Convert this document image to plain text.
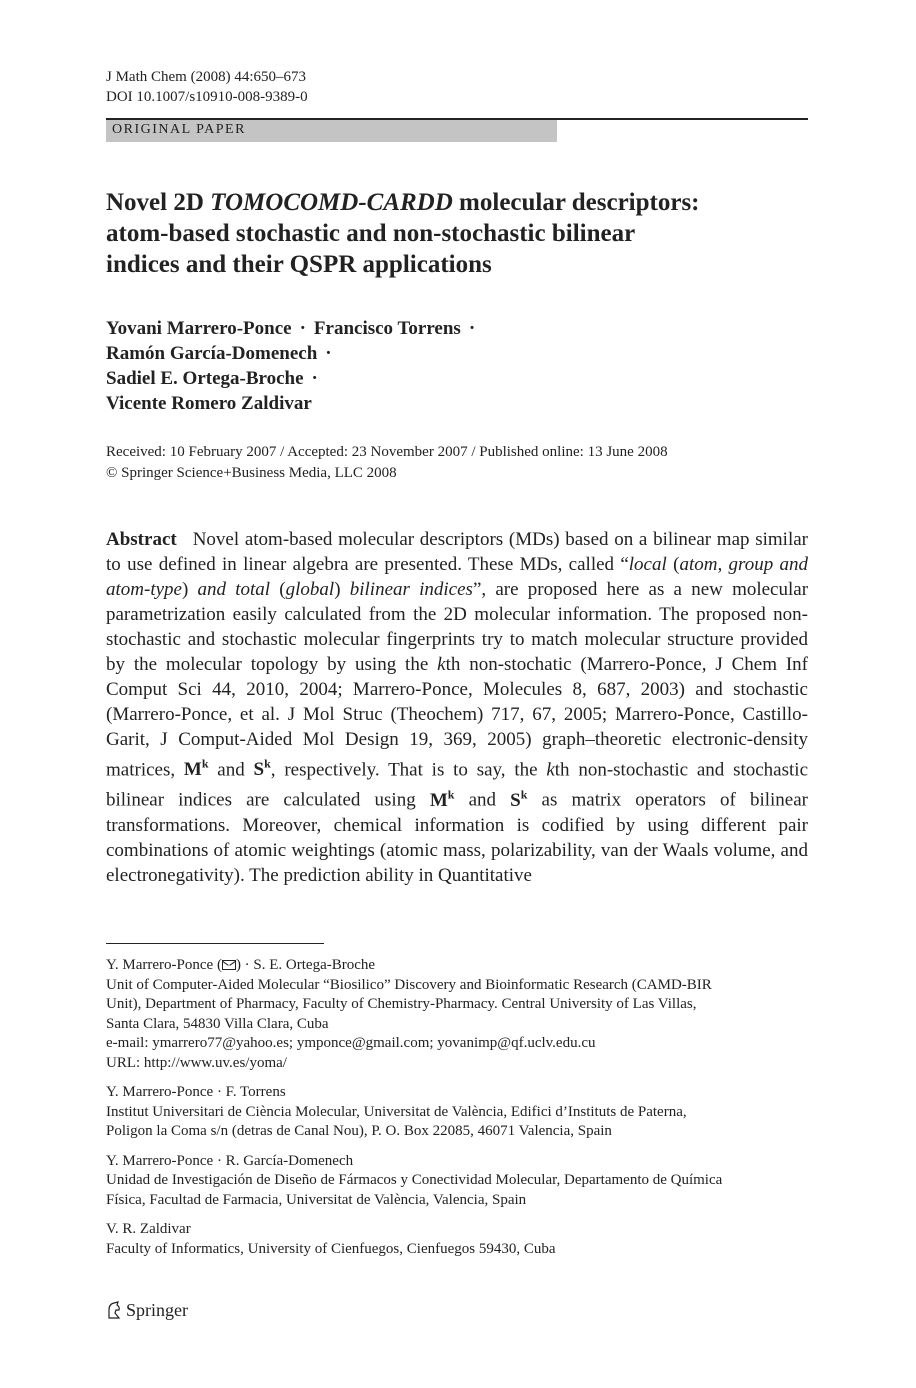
J Math Chem (2008) 44:650–673
DOI 10.1007/s10910-008-9389-0
ORIGINAL PAPER
Novel 2D TOMOCOMD-CARDD molecular descriptors:
atom-based stochastic and non-stochastic bilinear
indices and their QSPR applications
Yovani Marrero-Ponce · Francisco Torrens ·
Ramón García-Domenech ·
Sadiel E. Ortega-Broche ·
Vicente Romero Zaldivar
Received: 10 February 2007 / Accepted: 23 November 2007 / Published online: 13 June 2008
© Springer Science+Business Media, LLC 2008
Abstract Novel atom-based molecular descriptors (MDs) based on a bilinear map similar to use defined in linear algebra are presented. These MDs, called “local (atom, group and atom-type) and total (global) bilinear indices”, are proposed here as a new molecular parametrization easily calculated from the 2D molecular information. The proposed non-stochastic and stochastic molecular fingerprints try to match molecular structure provided by the molecular topology by using the kth non-stochatic (Marrero-Ponce, J Chem Inf Comput Sci 44, 2010, 2004; Marrero-Ponce, Molecules 8, 687, 2003) and stochastic (Marrero-Ponce, et al. J Mol Struc (Theochem) 717, 67, 2005; Marrero-Ponce, Castillo-Garit, J Comput-Aided Mol Design 19, 369, 2005) graph–theoretic electronic-density matrices, $M^k$ and $S^k$, respectively. That is to say, the kth non-stochastic and stochastic bilinear indices are calculated using $M^k$ and $S^k$ as matrix operators of bilinear transformations. Moreover, chemical information is codified by using different pair combinations of atomic weightings (atomic mass, polarizability, van der Waals volume, and electronegativity). The prediction ability in Quantitative
Y. Marrero-Ponce ( ) · S. E. Ortega-Broche
Unit of Computer-Aided Molecular “Biosilico” Discovery and Bioinformatic Research (CAMD-BIR
Unit), Department of Pharmacy, Faculty of Chemistry-Pharmacy. Central University of Las Villas,
Santa Clara, 54830 Villa Clara, Cuba
e-mail: ymarrero77@yahoo.es; ymponce@gmail.com; yovanimp@qf.uclv.edu.cu
URL: http://www.uv.es/yoma/
Y. Marrero-Ponce · F. Torrens
Institut Universitari de Ciència Molecular, Universitat de València, Edifici d’Instituts de Paterna,
Poligon la Coma s/n (detras de Canal Nou), P. O. Box 22085, 46071 Valencia, Spain
Y. Marrero-Ponce · R. García-Domenech
Unidad de Investigación de Diseño de Fármacos y Conectividad Molecular, Departamento de Química
Física, Facultad de Farmacia, Universitat de València, Valencia, Spain
V. R. Zaldivar
Faculty of Informatics, University of Cienfuegos, Cienfuegos 59430, Cuba
Springer
